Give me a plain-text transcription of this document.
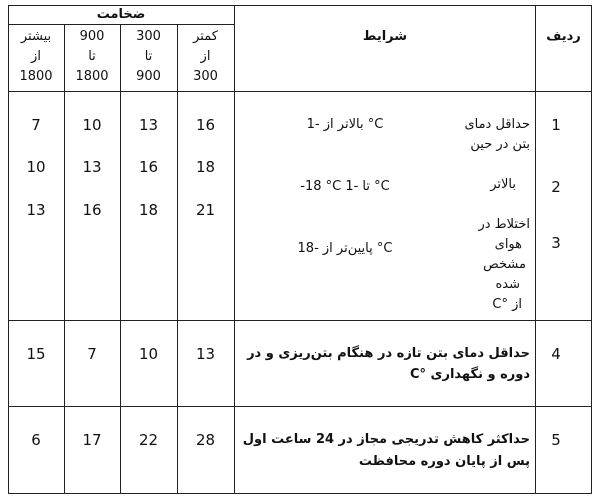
ضخامت
شرایط	ردیف
کمتر
از
300
300
تا
900
900
تا
1800
بیشتر
از
1800
1
2
3
حداقل دمای
بتن در حین
بالاتر
اختلاط در
هوای
مشخص
شده
از °C
بالاتر از -1 °C
-18 °C تا -1 °C
پایین‌تر از -18 °C
16
13
10
7
18
16
13
10
21
18
16
13
4
حداقل دمای بتن تازه در هنگام بتن‌ریزی و در
دوره و نگهداری °C
13
10
7
15
5
حداکثر کاهش تدریجی مجاز در 24 ساعت اول
پس از پایان دوره محافظت
28
22
17
6
